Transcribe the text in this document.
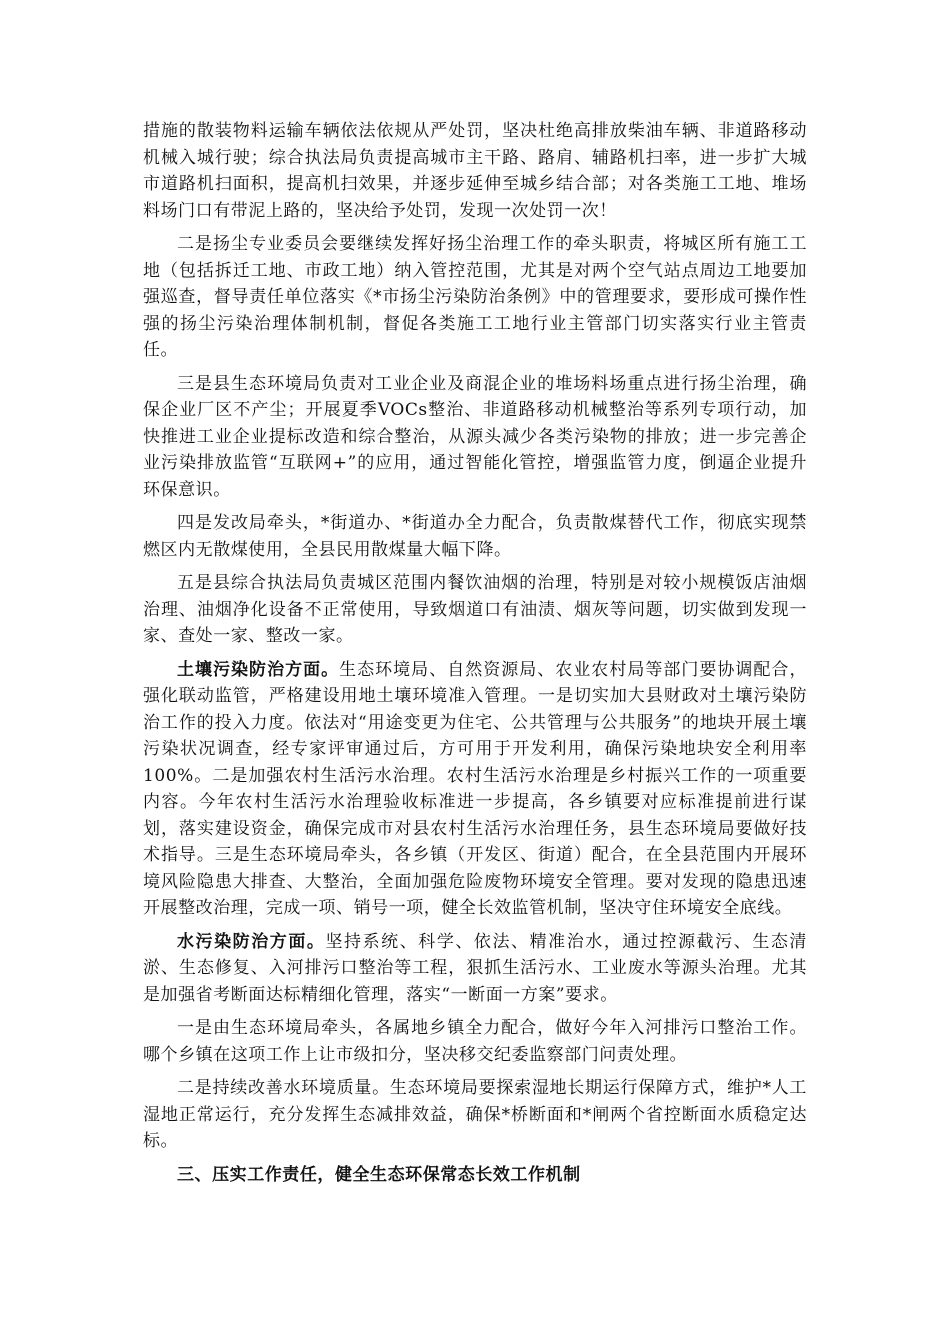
措施的散装物料运输车辆依法依规从严处罚，坚决杜绝高排放柴油车辆、非道路移动机械入城行驶；综合执法局负责提高城市主干路、路肩、辅路机扫率，进一步扩大城市道路机扫面积，提高机扫效果，并逐步延伸至城乡结合部；对各类施工工地、堆场料场门口有带泥上路的，坚决给予处罚，发现一次处罚一次！

二是扬尘专业委员会要继续发挥好扬尘治理工作的牵头职责，将城区所有施工工地（包括拆迁工地、市政工地）纳入管控范围，尤其是对两个空气站点周边工地要加强巡查，督导责任单位落实《*市扬尘污染防治条例》中的管理要求，要形成可操作性强的扬尘污染治理体制机制，督促各类施工工地行业主管部门切实落实行业主管责任。

三是县生态环境局负责对工业企业及商混企业的堆场料场重点进行扬尘治理，确保企业厂区不产尘；开展夏季VOCs整治、非道路移动机械整治等系列专项行动，加快推进工业企业提标改造和综合整治，从源头减少各类污染物的排放；进一步完善企业污染排放监管“互联网+”的应用，通过智能化管控，增强监管力度，倒逼企业提升环保意识。

四是发改局牵头，*街道办、*街道办全力配合，负责散煤替代工作，彻底实现禁燃区内无散煤使用，全县民用散煤量大幅下降。

五是县综合执法局负责城区范围内餐饮油烟的治理，特别是对较小规模饭店油烟治理、油烟净化设备不正常使用，导致烟道口有油渍、烟灰等问题，切实做到发现一家、查处一家、整改一家。

土壤污染防治方面。生态环境局、自然资源局、农业农村局等部门要协调配合，强化联动监管，严格建设用地土壤环境准入管理。一是切实加大县财政对土壤污染防治工作的投入力度。依法对“用途变更为住宅、公共管理与公共服务”的地块开展土壤污染状况调查，经专家评审通过后，方可用于开发利用，确保污染地块安全利用率100%。二是加强农村生活污水治理。农村生活污水治理是乡村振兴工作的一项重要内容。今年农村生活污水治理验收标准进一步提高，各乡镇要对应标准提前进行谋划，落实建设资金，确保完成市对县农村生活污水治理任务，县生态环境局要做好技术指导。三是生态环境局牵头，各乡镇（开发区、街道）配合，在全县范围内开展环境风险隐患大排查、大整治，全面加强危险废物环境安全管理。要对发现的隐患迅速开展整改治理，完成一项、销号一项，健全长效监管机制，坚决守住环境安全底线。

水污染防治方面。坚持系统、科学、依法、精准治水，通过控源截污、生态清淤、生态修复、入河排污口整治等工程，狠抓生活污水、工业废水等源头治理。尤其是加强省考断面达标精细化管理，落实“一断面一方案”要求。

一是由生态环境局牵头，各属地乡镇全力配合，做好今年入河排污口整治工作。哪个乡镇在这项工作上让市级扣分，坚决移交纪委监察部门问责处理。

二是持续改善水环境质量。生态环境局要探索湿地长期运行保障方式，维护*人工湿地正常运行，充分发挥生态减排效益，确保*桥断面和*闸两个省控断面水质稳定达标。

三、压实工作责任，健全生态环保常态长效工作机制
